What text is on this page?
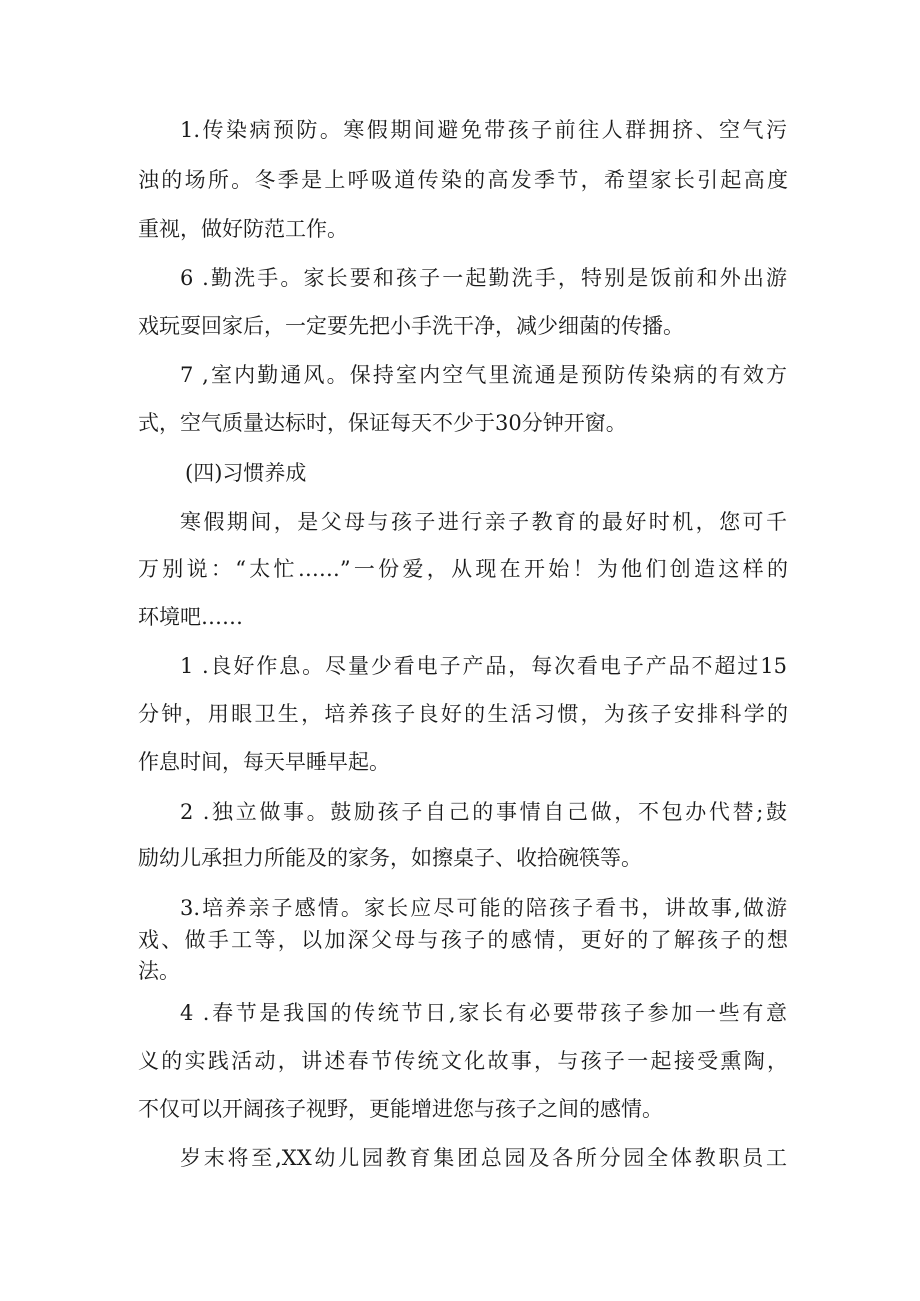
1.传染病预防。寒假期间避免带孩子前往人群拥挤、空气污
浊的场所。冬季是上呼吸道传染的高发季节，希望家长引起高度
重视，做好防范工作。
6 .勤洗手。家长要和孩子一起勤洗手，特别是饭前和外出游
戏玩耍回家后，一定要先把小手洗干净，减少细菌的传播。
7 ,室内勤通风。保持室内空气里流通是预防传染病的有效方
式，空气质量达标时，保证每天不少于30分钟开窗。
(四)习惯养成
寒假期间，是父母与孩子进行亲子教育的最好时机，您可千
万别说：“太忙……”一份爱，从现在开始！为他们创造这样的
环境吧……
1 .良好作息。尽量少看电子产品，每次看电子产品不超过15
分钟，用眼卫生，培养孩子良好的生活习惯，为孩子安排科学的
作息时间，每天早睡早起。
2 .独立做事。鼓励孩子自己的事情自己做，不包办代替;鼓
励幼儿承担力所能及的家务，如擦桌子、收拾碗筷等。
3.培养亲子感情。家长应尽可能的陪孩子看书，讲故事,做游
戏、做手工等，以加深父母与孩子的感情，更好的了解孩子的想
法。
4 .春节是我国的传统节日,家长有必要带孩子参加一些有意
义的实践活动，讲述春节传统文化故事，与孩子一起接受熏陶，
不仅可以开阔孩子视野，更能增进您与孩子之间的感情。
岁末将至,XX幼儿园教育集团总园及各所分园全体教职员工
